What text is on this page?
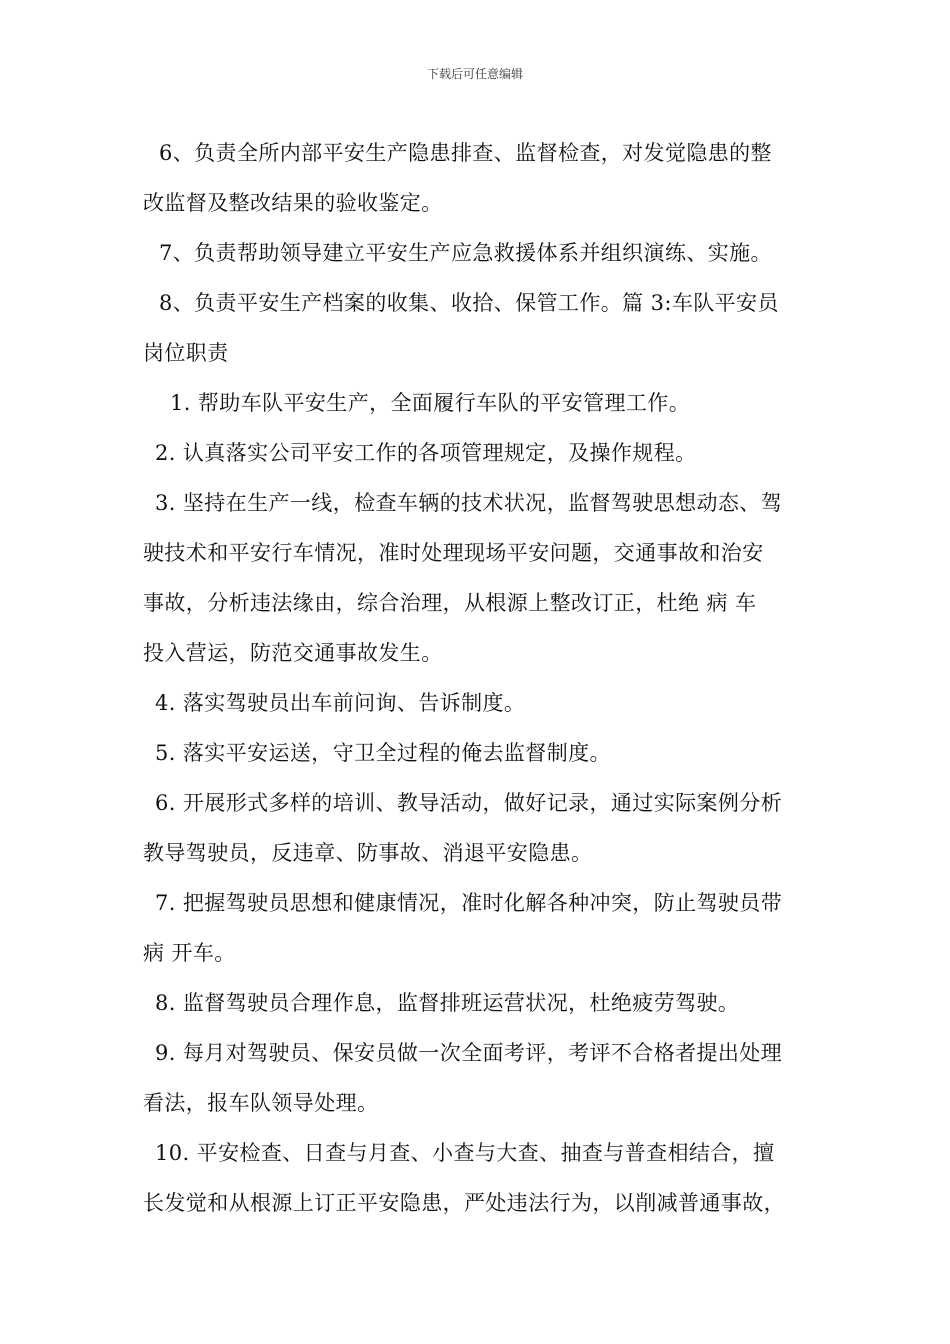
下载后可任意编辑
6、负责全所内部平安生产隐患排查、监督检查，对发觉隐患的整
改监督及整改结果的验收鉴定。
7、负责帮助领导建立平安生产应急救援体系并组织演练、实施。
8、负责平安生产档案的收集、收拾、保管工作。篇 3:车队平安员
岗位职责
1. 帮助车队平安生产，全面履行车队的平安管理工作。
2. 认真落实公司平安工作的各项管理规定，及操作规程。
3. 坚持在生产一线，检查车辆的技术状况，监督驾驶思想动态、驾
驶技术和平安行车情况，准时处理现场平安问题，交通事故和治安
事故，分析违法缘由，综合治理，从根源上整改订正，杜绝 病 车
投入营运，防范交通事故发生。
4. 落实驾驶员出车前问询、告诉制度。
5. 落实平安运送，守卫全过程的俺去监督制度。
6. 开展形式多样的培训、教导活动，做好记录，通过实际案例分析
教导驾驶员，反违章、防事故、消退平安隐患。
7. 把握驾驶员思想和健康情况，准时化解各种冲突，防止驾驶员带
病 开车。
8. 监督驾驶员合理作息，监督排班运营状况，杜绝疲劳驾驶。
9. 每月对驾驶员、保安员做一次全面考评，考评不合格者提出处理
看法，报车队领导处理。
10. 平安检查、日查与月查、小查与大查、抽查与普查相结合，擅
长发觉和从根源上订正平安隐患，严处违法行为，以削减普通事故，
